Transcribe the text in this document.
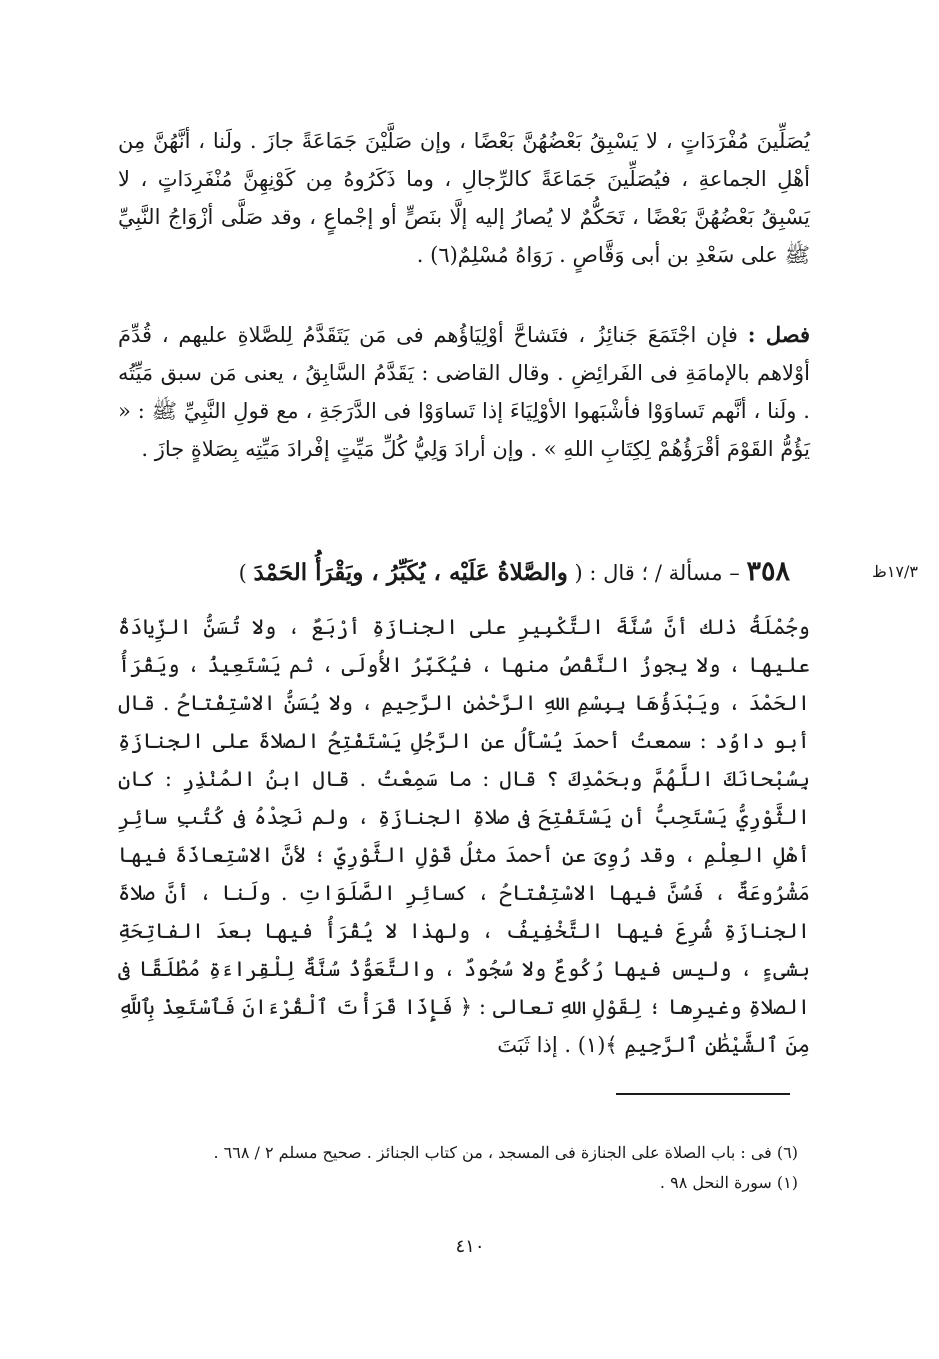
يُصَلِّينَ مُفْرَدَاتٍ ، لا يَسْبِقُ بَعْضُهُنَّ بَعْضًا ، وإن صَلَّيْنَ جَمَاعَةً جازَ . ولَنا ، أنَّهُنَّ مِن أهْلِ الجماعةِ ، فيُصَلِّينَ جَمَاعَةً كالرِّجالِ ، وما ذَكَرُوهُ مِن كَوْنِهِنَّ مُنْفَرِدَاتٍ ، لا يَسْبِقُ بَعْضُهُنَّ بَعْضًا ، تَحَكُّمٌ لا يُصارُ إليه إلَّا بنَصٍّ أو إجْماعٍ ، وقد صَلَّى أزْوَاجُ النَّبِيِّ ﷺ على سَعْدِ بن أبى وَقَّاصٍ . رَوَاهُ مُسْلِمٌ(٦) .

فصل : فإن اجْتَمَعَ جَنائِزُ ، فتَشاحَّ أوْلِيَاؤُهم فى مَن يَتَقَدَّمُ لِلصَّلاةِ عليهم ، قُدِّمَ أوْلاهم بالإمامَةِ فى الفَرائِضِ . وقال القاضى : يَقَدَّمُ السَّابِقُ ، يعنى مَن سبق مَيِّتُه . ولَنا ، أنَّهم تَساوَوْا فأشْبَهوا الأوْلِيَاءَ إذا تَساوَوْا فى الدَّرَجَةِ ، مع قولِ النَّبِيِّ ﷺ : « يَؤُمُّ القَوْمَ أقْرَؤُهُمْ لِكِتَابِ اللهِ » . وإن أرادَ وَلِيُّ كُلِّ مَيِّتٍ إفْرادَ مَيِّتِه بِصَلاةٍ جازَ .

١٧/٣ظ
٣٥٨ – مسألة / ؛ قال : ( والصَّلاةُ عَلَيْه ، يُكَبِّرُ ، ويَقْرَأُ الحَمْدَ )

وجُمْلَةُ ذلك أنَّ سُنَّةَ التَّكْبِيرِ على الجنازَةِ أرْبَعٌ ، ولا تُسَنُّ الزِّيادَةُ عليها ، ولا يجوزُ النَّقْصُ منها ، فيُكَبِّرُ الأُولَى ، ثم يَسْتَعِيذُ ، ويَقْرَأُ الحَمْدَ ، ويَبْدَؤُهَا بِبِسْمِ اللهِ الرَّحْمٰنِ الرَّحِيمِ ، ولا يُسَنُّ الاسْتِفْتاحُ . قال أبو داوُد : سمعتُ أحمدَ يُسْأَلُ عن الرَّجُلِ يَسْتَفْتِحُ الصلاةَ على الجنازَةِ بِسُبْحانَكَ اللَّهُمَّ وبحَمْدِكَ ؟ قال : ما سَمِعْتُ . قال ابنُ المُنْذِرِ : كان الثَّوْرِيُّ يَسْتَحِبُّ أن يَسْتَفْتِحَ فى صلاةِ الجنازَةِ ، ولم نَجِدْهُ فى كُتُبِ سائِرِ أهْلِ العِلْمِ ، وقد رُوِىَ عن أحمدَ مثلُ قَوْلِ الثَّوْرِيِّ ؛ لأنَّ الاسْتِعاذَةَ فيها مَشْرُوعَةٌ ، فَسُنَّ فيها الاسْتِفْتاحُ ، كسائِرِ الصَّلَوَاتِ . ولَنا ، أنَّ صلاةَ الجنازَةِ شُرِعَ فيها التَّخْفِيفُ ، ولهذا لا يُقْرَأُ فيها بعدَ الفاتِحَةِ بشىءٍ ، وليس فيها رُكُوعٌ ولا سُجُودٌ ، والتَّعَوُّذُ سُنَّةٌ لِلْقِراءَةِ مُطْلَقًا فى الصلاةِ وغيرِها ؛ لِقَوْلِ اللهِ تعالى : ﴿ فَإِذَا قَرَأْتَ ٱلْقُرْءَانَ فَٱسْتَعِذْ بِٱللَّهِ مِنَ ٱلشَّيْطَٰنِ ٱلرَّجِيمِ ﴾(١) . إذا ثَبَتَ

(٦) فى : باب الصلاة على الجنازة فى المسجد ، من كتاب الجنائز . صحيح مسلم ٢ / ٦٦٨ .

(١) سورة النحل ٩٨ .

٤١٠
